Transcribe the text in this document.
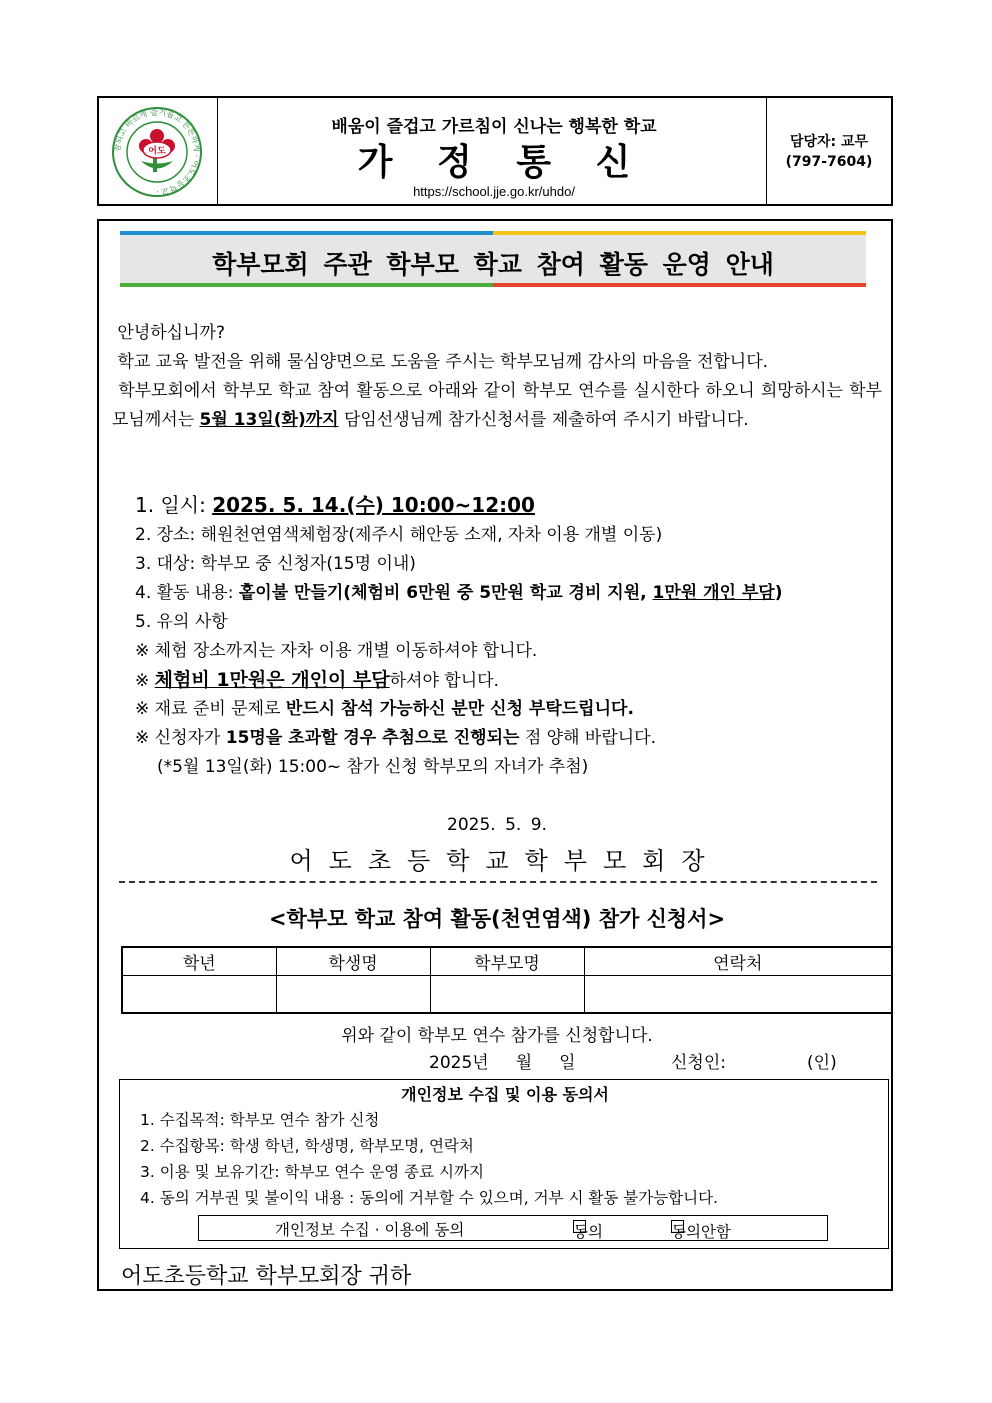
참되고 바르게 슬기롭고 튼튼하게 · 어도초등학교 ·
어도
배움이 즐겁고 가르침이 신나는 행복한 학교
가 정 통 신
https://school.jje.go.kr/uhdo/
담당자: 교무
(797-7604)
학부모회 주관 학부모 학교 참여 활동 운영 안내

안녕하십니까?

학교 교육 발전을 위해 물심양면으로 도움을 주시는 학부모님께 감사의 마음을 전합니다.

학부모회에서 학부모 학교 참여 활동으로 아래와 같이 학부모 연수를 실시한다 하오니 희망하시는 학부모님께서는 5월 13일(화)까지 담임선생님께 참가신청서를 제출하여 주시기 바랍니다.

1. 일시: 2025. 5. 14.(수) 10:00~12:00
2. 장소: 해원천연염색체험장(제주시 해안동 소재, 자차 이용 개별 이동)
3. 대상: 학부모 중 신청자(15명 이내)
4. 활동 내용: 홑이불 만들기(체험비 6만원 중 5만원 학교 경비 지원, 1만원 개인 부담)
5. 유의 사항
※ 체험 장소까지는 자차 이용 개별 이동하셔야 합니다.
※ 체험비 1만원은 개인이 부담하셔야 합니다.
※ 재료 준비 문제로 반드시 참석 가능하신 분만 신청 부탁드립니다.
※ 신청자가 15명을 초과할 경우 추첨으로 진행되는 점 양해 바랍니다.
(*5월 13일(화) 15:00~ 참가 신청 학부모의 자녀가 추첨)
2025. 5. 9.
어도초등학교학부모회장
<학부모 학교 참여 활동(천연염색) 참가 신청서>
학년	학생명	학부모명	연락처

위와 같이 학부모 연수 참가를 신청합니다.
2025년     월     일	신청인:               (인)
개인정보 수집 및 이용 동의서
1. 수집목적: 학부모 연수 참가 신청
2. 수집항목: 학생 학년, 학생명, 학부모명, 연락처
3. 이용 및 보유기간: 학부모 연수 운영 종료 시까지
4. 동의 거부권 및 불이익 내용 : 동의에 거부할 수 있으며, 거부 시 활동 불가능합니다.
개인정보 수집 · 이용에 동의	동의	동의안함
어도초등학교 학부모회장 귀하
